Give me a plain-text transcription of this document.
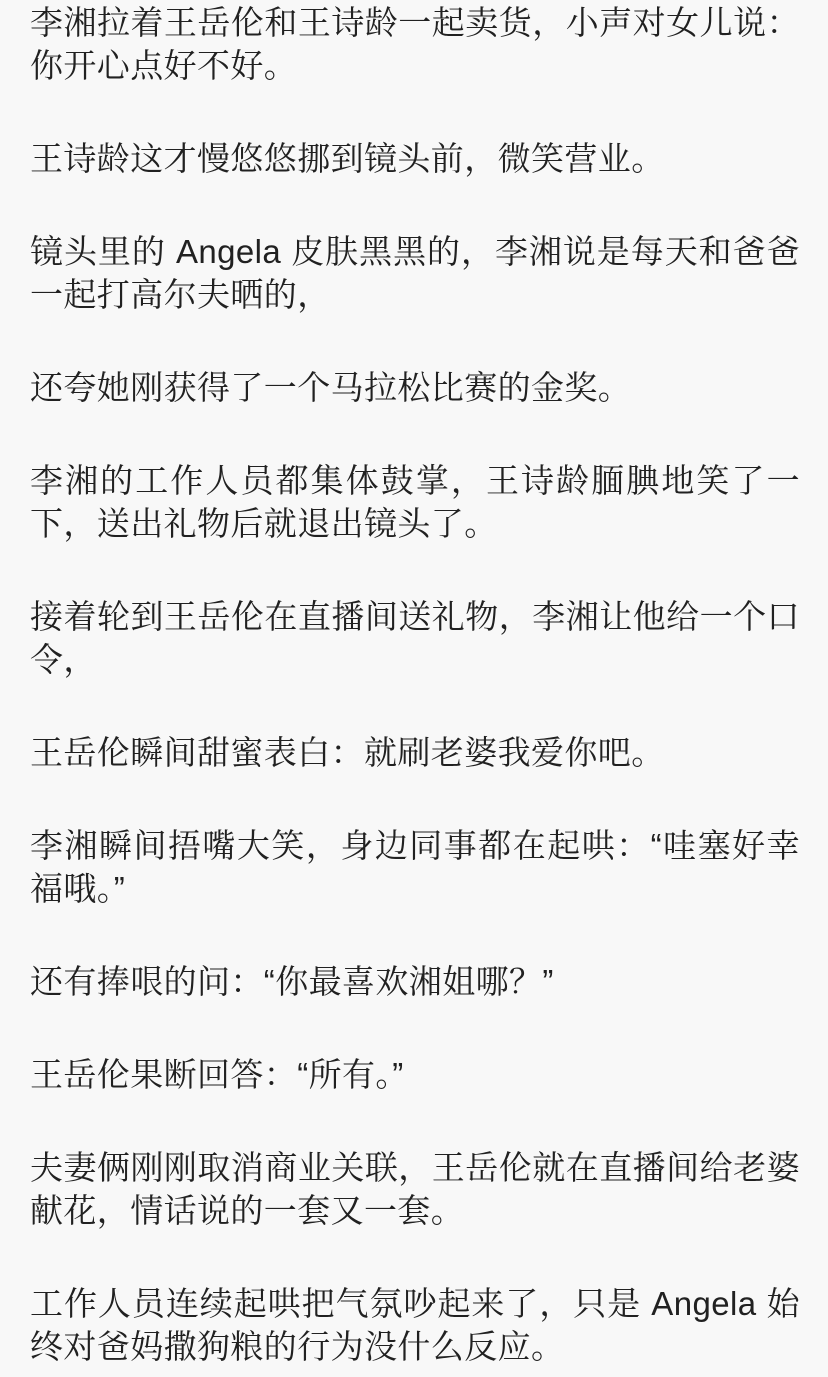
李湘拉着王岳伦和王诗龄一起卖货，小声对女儿说：你开心点好不好。

王诗龄这才慢悠悠挪到镜头前，微笑营业。

镜头里的 Angela 皮肤黑黑的，李湘说是每天和爸爸一起打高尔夫晒的，

还夸她刚获得了一个马拉松比赛的金奖。

李湘的工作人员都集体鼓掌，王诗龄腼腆地笑了一下，送出礼物后就退出镜头了。

接着轮到王岳伦在直播间送礼物，李湘让他给一个口令，

王岳伦瞬间甜蜜表白：就刷老婆我爱你吧。

李湘瞬间捂嘴大笑，身边同事都在起哄：“哇塞好幸福哦。”

还有捧哏的问：“你最喜欢湘姐哪？”

王岳伦果断回答：“所有。”

夫妻俩刚刚取消商业关联，王岳伦就在直播间给老婆献花，情话说的一套又一套。

工作人员连续起哄把气氛吵起来了，只是 Angela 始终对爸妈撒狗粮的行为没什么反应。
